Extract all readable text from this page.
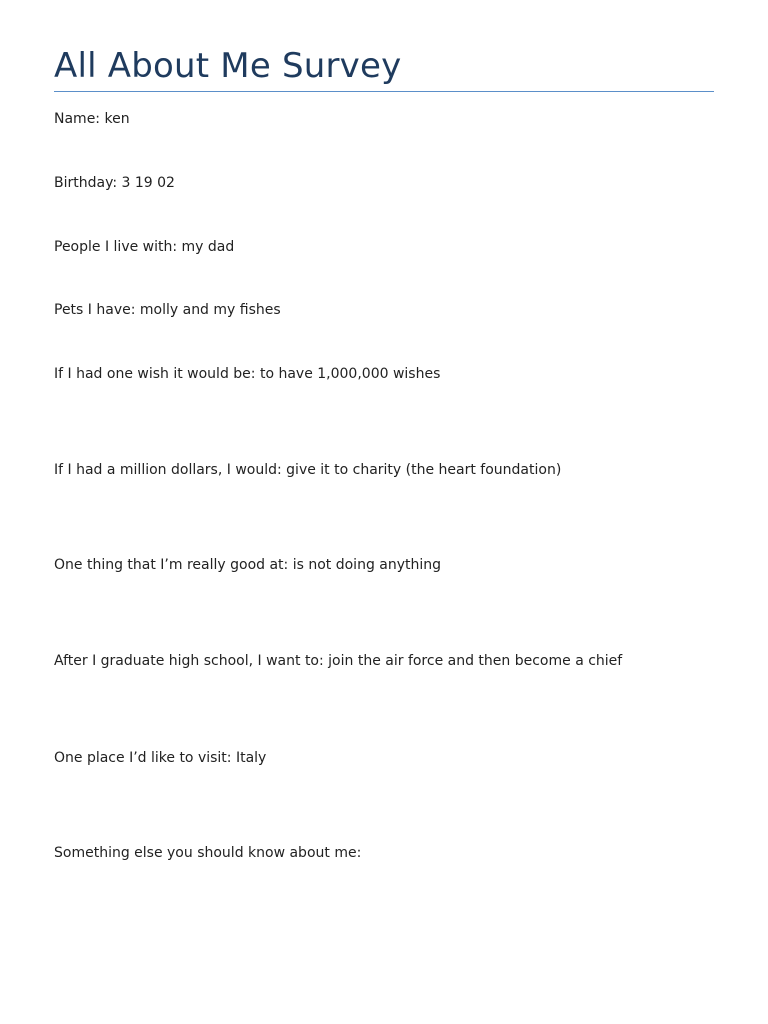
All About Me Survey

Name: ken

Birthday: 3 19 02

People I live with: my dad

Pets I have: molly and my fishes

If I had one wish it would be: to have 1,000,000 wishes

If I had a million dollars, I would: give it to charity (the heart foundation)

One thing that I’m really good at: is not doing anything

After I graduate high school, I want to: join the air force and then become a chief

One place I’d like to visit: Italy

Something else you should know about me:
